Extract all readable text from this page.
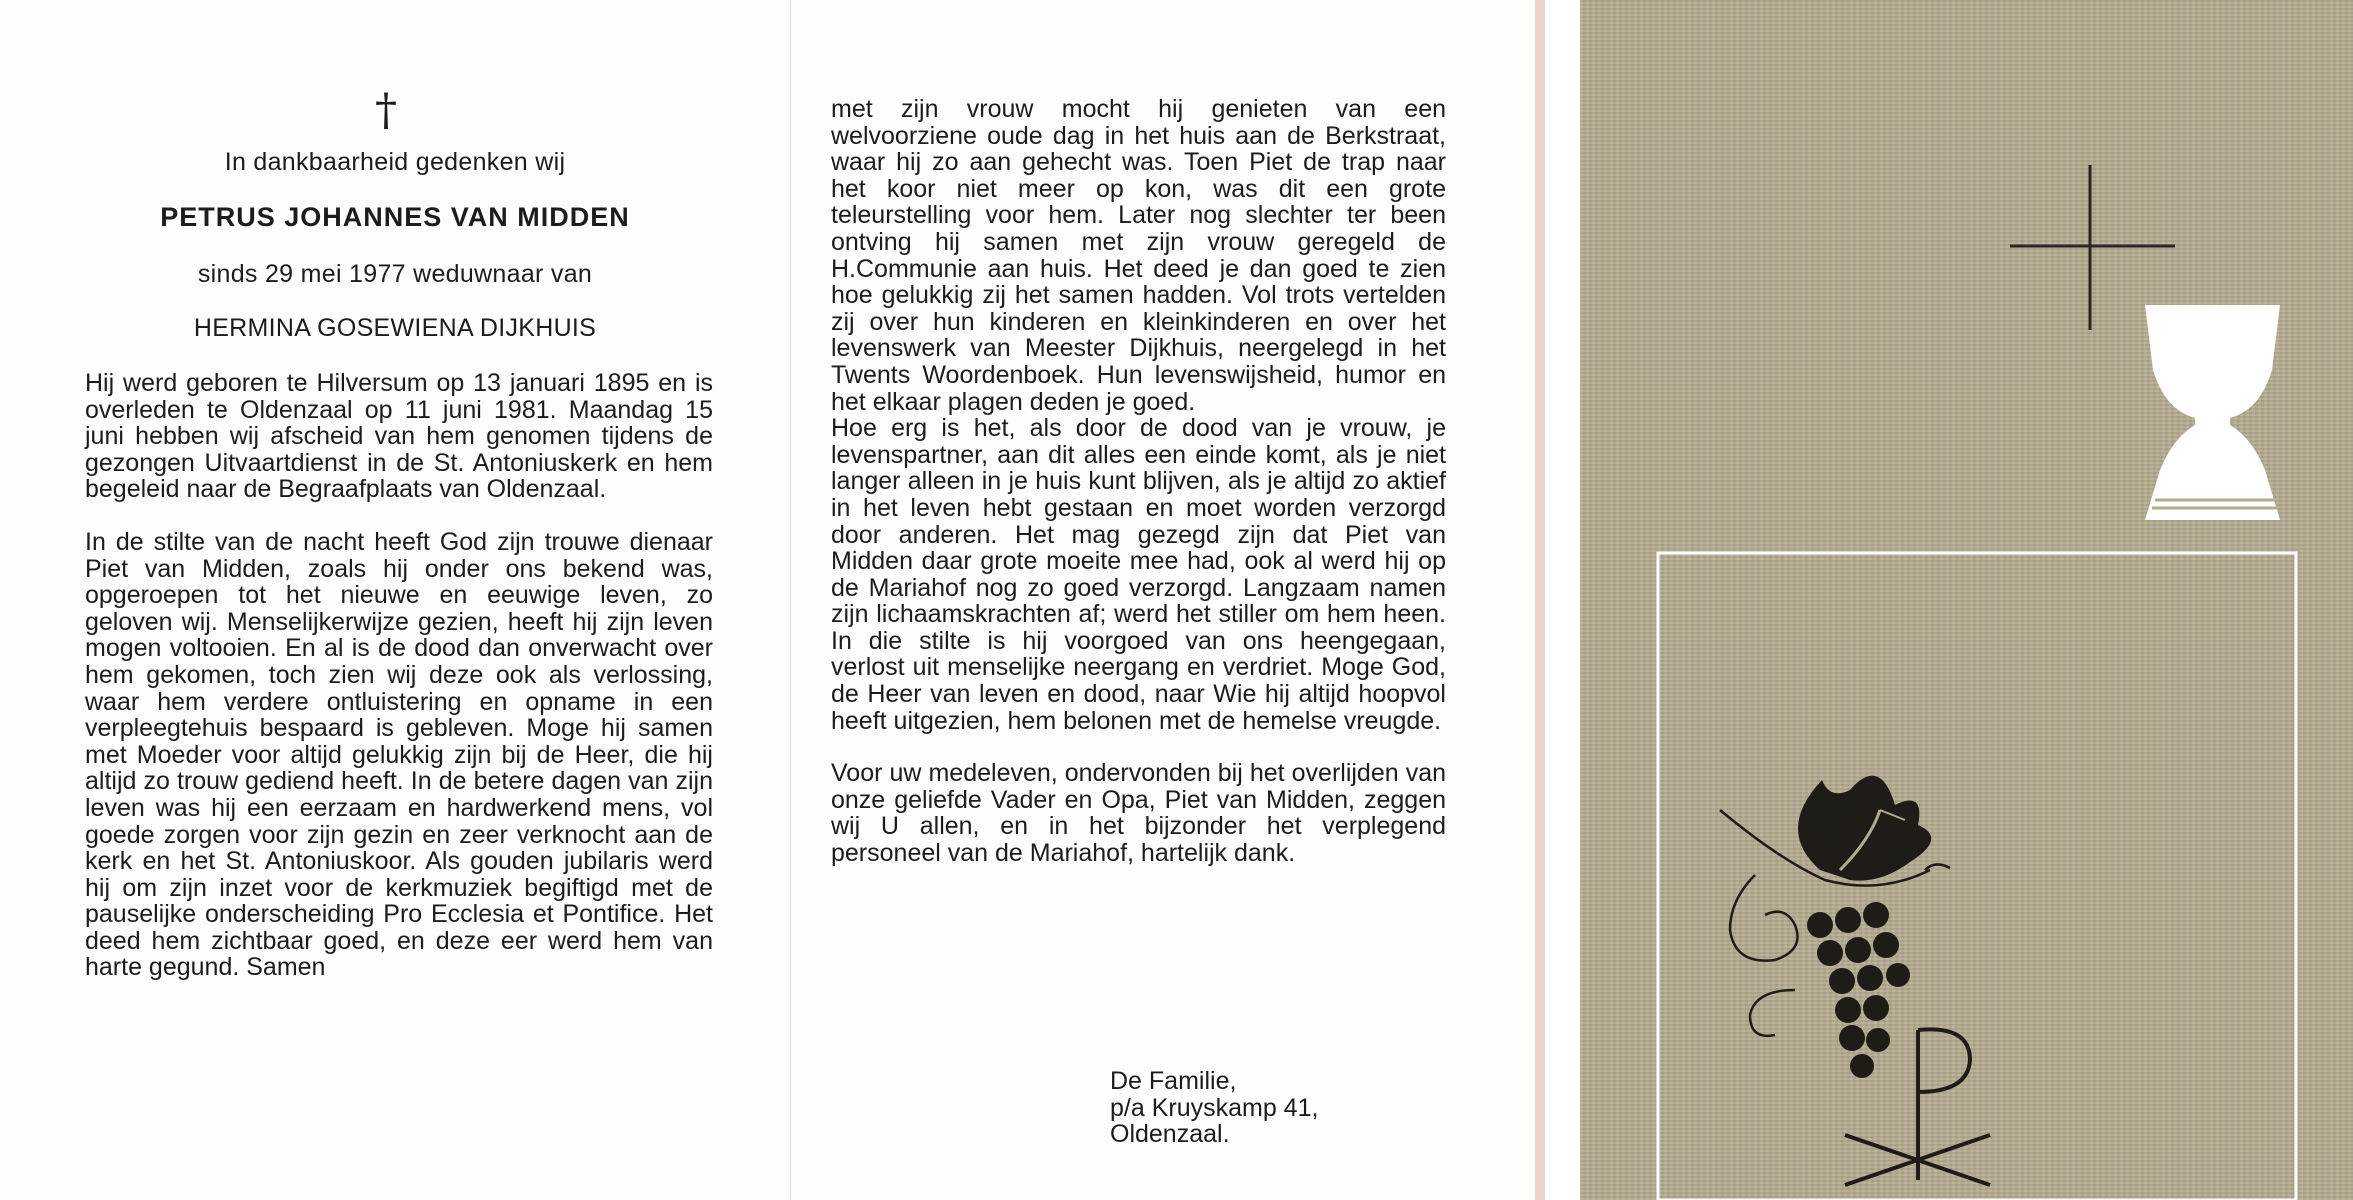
†
In dankbaarheid gedenken wij
PETRUS JOHANNES VAN MIDDEN
sinds 29 mei 1977 weduwnaar van
HERMINA GOSEWIENA DIJKHUIS

Hij werd geboren te Hilversum op 13 januari 1895 en is overleden te Oldenzaal op 11 juni 1981. Maandag 15 juni hebben wij afscheid van hem genomen tijdens de gezongen Uitvaartdienst in de St. Antoniuskerk en hem begeleid naar de Begraafplaats van Oldenzaal.

In de stilte van de nacht heeft God zijn trouwe dienaar Piet van Midden, zoals hij onder ons bekend was, opgeroepen tot het nieuwe en eeuwige leven, zo geloven wij. Menselijkerwijze gezien, heeft hij zijn leven mogen voltooien. En al is de dood dan onverwacht over hem gekomen, toch zien wij deze ook als verlossing, waar hem verdere ontluistering en opname in een verpleegtehuis bespaard is gebleven. Moge hij samen met Moeder voor altijd gelukkig zijn bij de Heer, die hij altijd zo trouw gediend heeft. In de betere dagen van zijn leven was hij een eerzaam en hardwerkend mens, vol goede zorgen voor zijn gezin en zeer verknocht aan de kerk en het St. Antoniuskoor. Als gouden jubilaris werd hij om zijn inzet voor de kerkmuziek begiftigd met de pauselijke onderscheiding Pro Ecclesia et Pontifice. Het deed hem zichtbaar goed, en deze eer werd hem van harte gegund. Samen

met zijn vrouw mocht hij genieten van een welvoorziene oude dag in het huis aan de Berkstraat, waar hij zo aan gehecht was. Toen Piet de trap naar het koor niet meer op kon, was dit een grote teleurstelling voor hem. Later nog slechter ter been ontving hij samen met zijn vrouw geregeld de H.Communie aan huis. Het deed je dan goed te zien hoe gelukkig zij het samen hadden. Vol trots vertelden zij over hun kinderen en kleinkinderen en over het levenswerk van Meester Dijkhuis, neergelegd in het Twents Woordenboek. Hun levenswijsheid, humor en het elkaar plagen deden je goed.

Hoe erg is het, als door de dood van je vrouw, je levenspartner, aan dit alles een einde komt, als je niet langer alleen in je huis kunt blijven, als je altijd zo aktief in het leven hebt gestaan en moet worden verzorgd door anderen. Het mag gezegd zijn dat Piet van Midden daar grote moeite mee had, ook al werd hij op de Mariahof nog zo goed verzorgd. Langzaam namen zijn lichaamskrachten af; werd het stiller om hem heen. In die stilte is hij voorgoed van ons heengegaan, verlost uit menselijke neergang en verdriet. Moge God, de Heer van leven en dood, naar Wie hij altijd hoopvol heeft uitgezien, hem belonen met de hemelse vreugde.

Voor uw medeleven, ondervonden bij het overlijden van onze geliefde Vader en Opa, Piet van Midden, zeggen wij U allen, en in het bijzonder het verplegend personeel van de Mariahof, hartelijk dank.

De Familie,
p/a Kruyskamp 41,
Oldenzaal.
